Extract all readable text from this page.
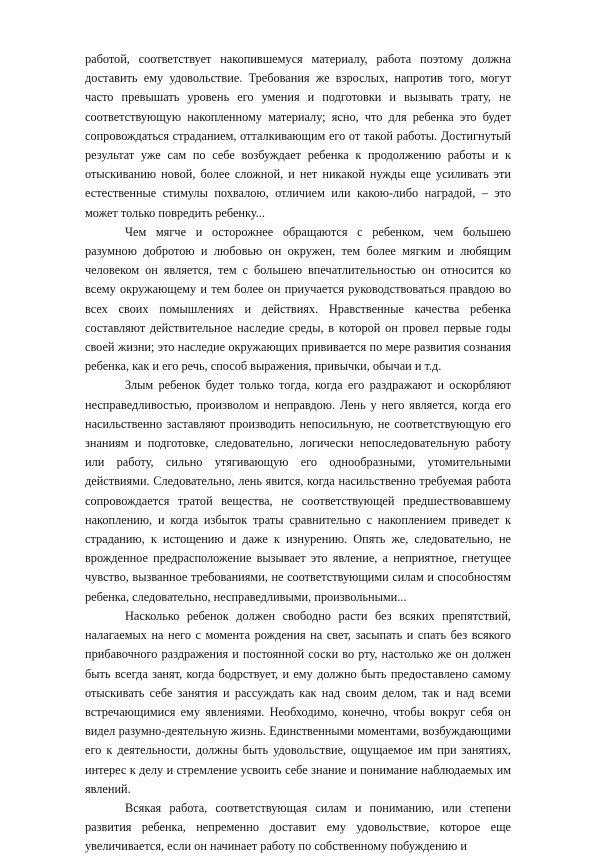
работой, соответствует накопившемуся материалу, работа поэтому должна доставить ему удовольствие. Требования же взрослых, напротив того, могут часто превышать уровень его умения и подготовки и вызывать трату, не соответствующую накопленному материалу; ясно, что для ребенка это будет сопровождаться страданием, отталкивающим его от такой работы. Достигнутый результат уже сам по себе возбуждает ребенка к продолжению работы и к отыскиванию новой, более сложной, и нет никакой нужды еще усиливать эти естественные стимулы похвалою, отличием или какою-либо наградой, – это может только повредить ребенку...

Чем мягче и осторожнее обращаются с ребенком, чем большею разумною добротою и любовью он окружен, тем более мягким и любящим человеком он является, тем с большею впечатлительностью он относится ко всему окружающему и тем более он приучается руководствоваться правдою во всех своих помышлениях и действиях. Нравственные качества ребенка составляют действительное наследие среды, в которой он провел первые годы своей жизни; это наследие окружающих прививается по мере развития сознания ребенка, как и его речь, способ выражения, привычки, обычаи и т.д.

Злым ребенок будет только тогда, когда его раздражают и оскорбляют несправедливостью, произволом и неправдою. Лень у него является, когда его насильственно заставляют производить непосильную, не соответствующую его знаниям и подготовке, следовательно, логически непоследовательную работу или работу, сильно утягивающую его однообразными, утомительными действиями. Следовательно, лень явится, когда насильственно требуемая работа сопровождается тратой вещества, не соответствующей предшествовавшему накоплению, и когда избыток траты сравнительно с накоплением приведет к страданию, к истощению и даже к изнурению. Опять же, следовательно, не врожденное предрасположение вызывает это явление, а неприятное, гнетущее чувство, вызванное требованиями, не соответствующими силам и способностям ребенка, следовательно, несправедливыми, произвольными...

Насколько ребенок должен свободно расти без всяких препятствий, налагаемых на него с момента рождения на свет, засыпать и спать без всякого прибавочного раздражения и постоянной соски во рту, настолько же он должен быть всегда занят, когда бодрствует, и ему должно быть предоставлено самому отыскивать себе занятия и рассуждать как над своим делом, так и над всеми встречающимися ему явлениями. Необходимо, конечно, чтобы вокруг себя он видел разумно-деятельную жизнь. Единственными моментами, возбуждающими его к деятельности, должны быть удовольствие, ощущаемое им при занятиях, интерес к делу и стремление усвоить себе знание и понимание наблюдаемых им явлений.

Всякая работа, соответствующая силам и пониманию, или степени развития ребенка, непременно доставит ему удовольствие, которое еще увеличивается, если он начинает работу по собственному побуждению и
